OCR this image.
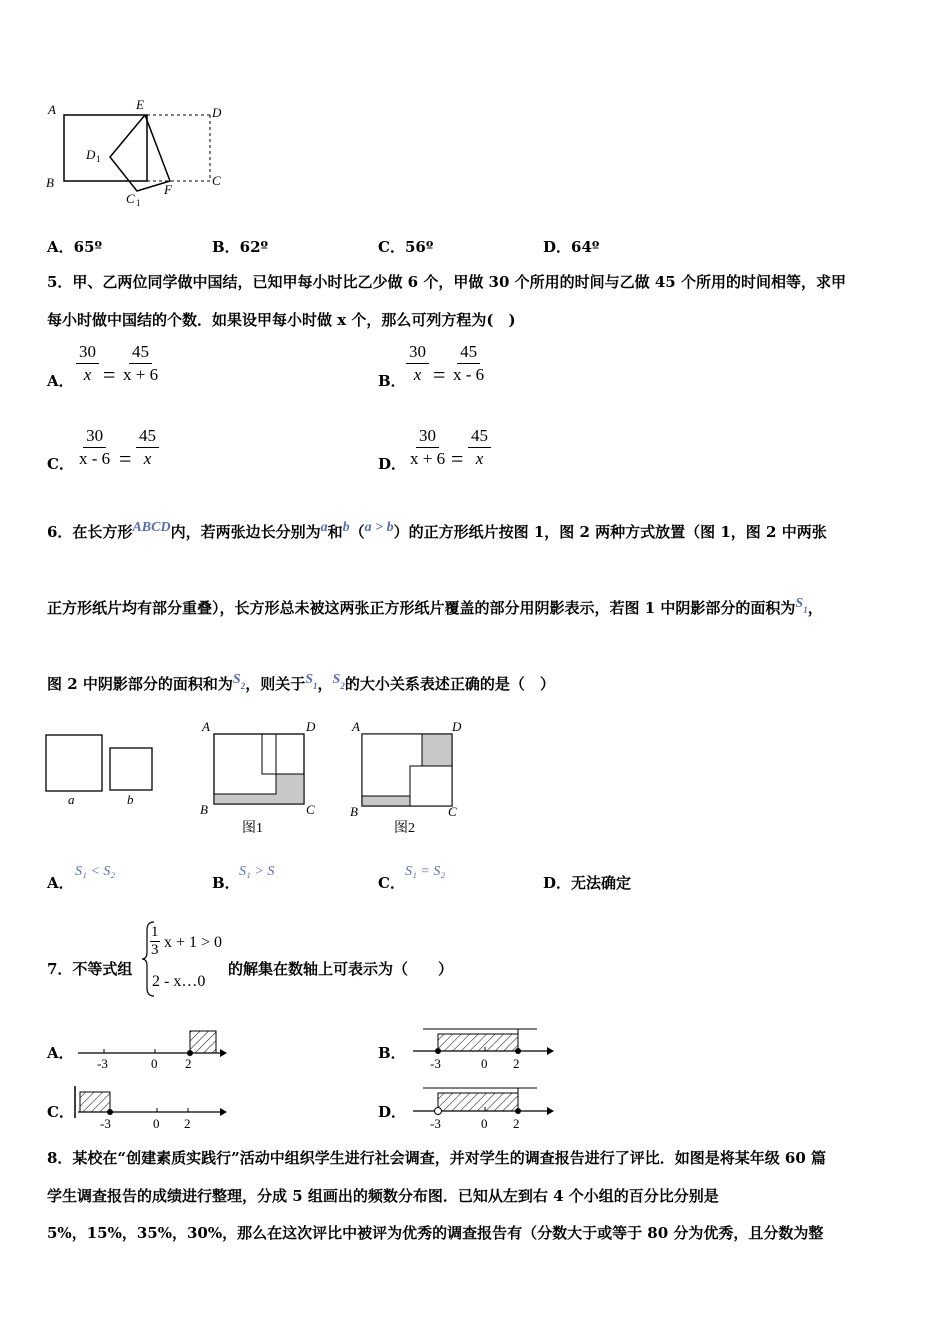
A	E
D
D 1
B
C 1
F
C
A．65º	B．62º	C．56º	D．64º
5．甲、乙两位同学做中国结，已知甲每小时比乙少做 6 个，甲做 30 个所用的时间与乙做 45 个所用的时间相等，求甲
每小时做中国结的个数．如果设甲每小时做 x 个，那么可列方程为(　)
A． $\frac{30}{x} = \frac{45}{x + 6}$	B． $\frac{30}{x} = \frac{45}{x - 6}$
C． $\frac{30}{x - 6} = \frac{45}{x}$	D． $\frac{30}{x + 6} = \frac{45}{x}$
6．在长方形ABCD内，若两张边长分别为a和b（a > b）的正方形纸片按图 1，图 2 两种方式放置（图 1，图 2 中两张
正方形纸片均有部分重叠），长方形总未被这两张正方形纸片覆盖的部分用阴影表示，若图 1 中阴影部分的面积为$S_1$，
图 2 中阴影部分的面积和为$S_2$，则关于$S_1$，$S_2$的大小关系表述正确的是（　）
a	b
A	D
B	C
图1
A	D
B	C
图2
A．
S₁ < S₂
B．
S₁ > S
C．
S₁ = S₂
D． 无法确定
7．不等式组
$\frac{1}{3}$ x + 1 > 0
2 - x…0
的解集在数轴上可表示为（　　）
A．
-3	0 2
B．
-3	0 2
C．
-3	0 2
D．
-3	0 2
8．某校在“创建素质实践行”活动中组织学生进行社会调查，并对学生的调查报告进行了评比．如图是将某年级 60 篇
学生调查报告的成绩进行整理，分成 5 组画出的频数分布图．已知从左到右 4 个小组的百分比分别是
5%，15%，35%，30%，那么在这次评比中被评为优秀的调查报告有（分数大于或等于 80 分为优秀，且分数为整
